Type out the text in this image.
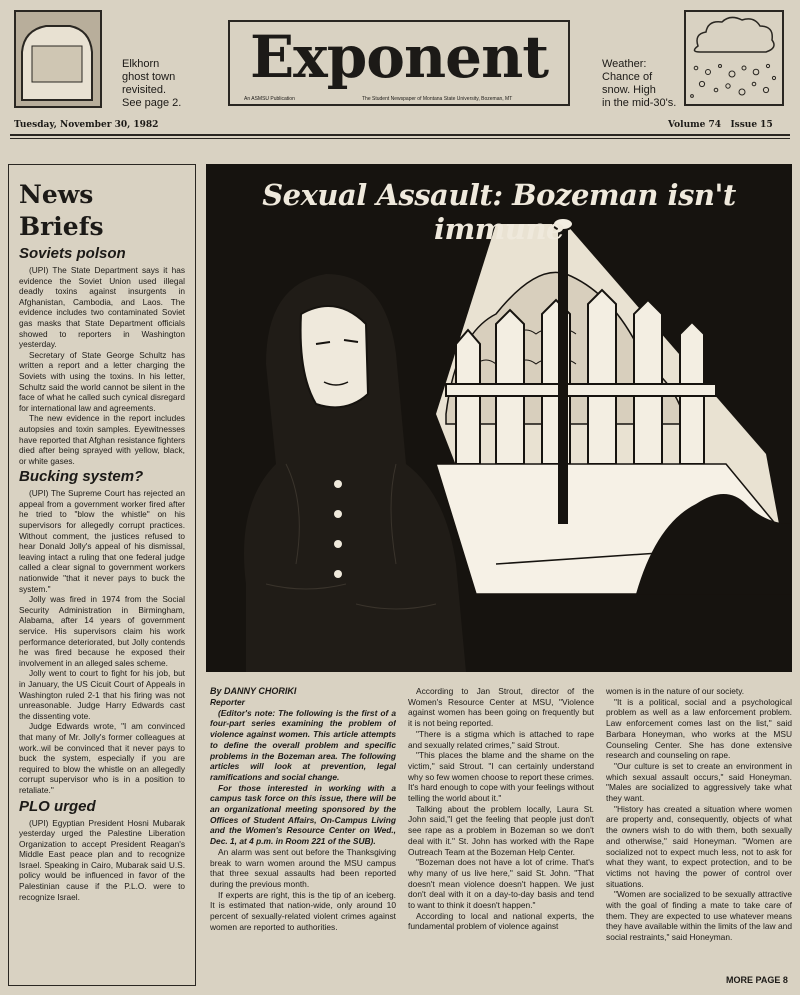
Elkhorn
ghost town
revisited.
See page 2.
Exponent
An ASMSU Publication	The Student Newspaper of Montana State University, Bozeman, MT
Weather:
Chance of
snow. High
in the mid-30's.
Tuesday, November 30, 1982	Volume 74 Issue 15
News Briefs
Soviets polson

(UPI) The State Department says it has evidence the Soviet Union used illegal deadly toxins against insurgents in Afghanistan, Cambodia, and Laos. The evidence includes two contaminated Soviet gas masks that State Department officials showed to reporters in Washington yesterday.

Secretary of State George Schultz has written a report and a letter charging the Soviets with using the toxins. In his letter, Schultz said the world cannot be silent in the face of what he called such cynical disregard for international law and agreements.

The new evidence in the report includes autopsies and toxin samples. Eyewitnesses have reported that Afghan resistance fighters died after being sprayed with yellow, black, or white gases.

Bucking system?

(UPI) The Supreme Court has rejected an appeal from a government worker fired after he tried to "blow the whistle" on his supervisors for allegedly corrupt practices. Without comment, the justices refused to hear Donald Jolly's appeal of his dismissal, leaving intact a ruling that one federal judge called a clear signal to government workers nationwide "that it never pays to buck the system."

Jolly was fired in 1974 from the Social Security Administration in Birmingham, Alabama, after 14 years of government service. His supervisors claim his work performance deteriorated, but Jolly contends he was fired because he exposed their involvement in an alleged sales scheme.

Jolly went to court to fight for his job, but in January, the US Cicuit Court of Appeals in Washington ruled 2-1 that his firing was not unreasonable. Judge Harry Edwards cast the dissenting vote.

Judge Edwards wrote, "I am convinced that many of Mr. Jolly's former colleagues at work..wil be convinced that it never pays to buck the system, especially if you are required to blow the whistle on an allegedly corrupt supervisor who is in a position to retaliate."

PLO urged

(UPI) Egyptian President Hosni Mubarak yesterday urged the Palestine Liberation Organization to accept President Reagan's Middle East peace plan and to recognize Israel. Speaking in Cairo, Mubarak said U.S. policy would be influenced in favor of the Palestinian cause if the P.L.O. were to recognize Israel.

Sexual Assault: Bozeman isn't immune

By DANNY CHORIKI

Reporter

(Editor's note: The following is the first of a four-part series examining the problem of violence against women. This article attempts to define the overall problem and specific problems in the Bozeman area. The following articles will look at prevention, legal ramifications and social change.

For those interested in working with a campus task force on this issue, there will be an organizational meeting sponsored by the Offices of Student Affairs, On-Campus Living and the Women's Resource Center on Wed., Dec. 1, at 4 p.m. in Room 221 of the SUB).

An alarm was sent out before the Thanksgiving break to warn women around the MSU campus that three sexual assaults had been reported during the previous month.

If experts are right, this is the tip of an iceberg. It is estimated that nation-wide, only around 10 percent of sexually-related violent crimes against women are reported to authorities.

According to Jan Strout, director of the Women's Resource Center at MSU, "Violence against women has been going on frequently but it is not being reported.

"There is a stigma which is attached to rape and sexually related crimes," said Strout.

"This places the blame and the shame on the victim," said Strout. "I can certainly understand why so few women choose to report these crimes. It's hard enough to cope with your feelings without telling the world about it."

Talking about the problem locally, Laura St. John said,"I get the feeling that people just don't see rape as a problem in Bozeman so we don't deal with it." St. John has worked with the Rape Outreach Team at the Bozeman Help Center.

"Bozeman does not have a lot of crime. That's why many of us live here," said St. John. "That doesn't mean violence doesn't happen. We just don't deal with it on a day-to-day basis and tend to want to think it doesn't happen."

According to local and national experts, the fundamental problem of violence against

women is in the nature of our society.

"It is a political, social and a psychological problem as well as a law enforcement problem. Law enforcement comes last on the list," said Barbara Honeyman, who works at the MSU Counseling Center. She has done extensive research and counseling on rape.

"Our culture is set to create an environment in which sexual assault occurs," said Honeyman. "Males are socialized to aggressively take what they want.

"History has created a situation where women are property and, consequently, objects of what the owners wish to do with them, both sexually and otherwise," said Honeyman. "Women are socialized not to expect much less, not to ask for what they want, to expect protection, and to be victims not having the power of control over situations.

"Women are socialized to be sexually attractive with the goal of finding a mate to take care of them. They are expected to use whatever means they have available within the limits of the law and social restraints," said Honeyman.

MORE PAGE 8
